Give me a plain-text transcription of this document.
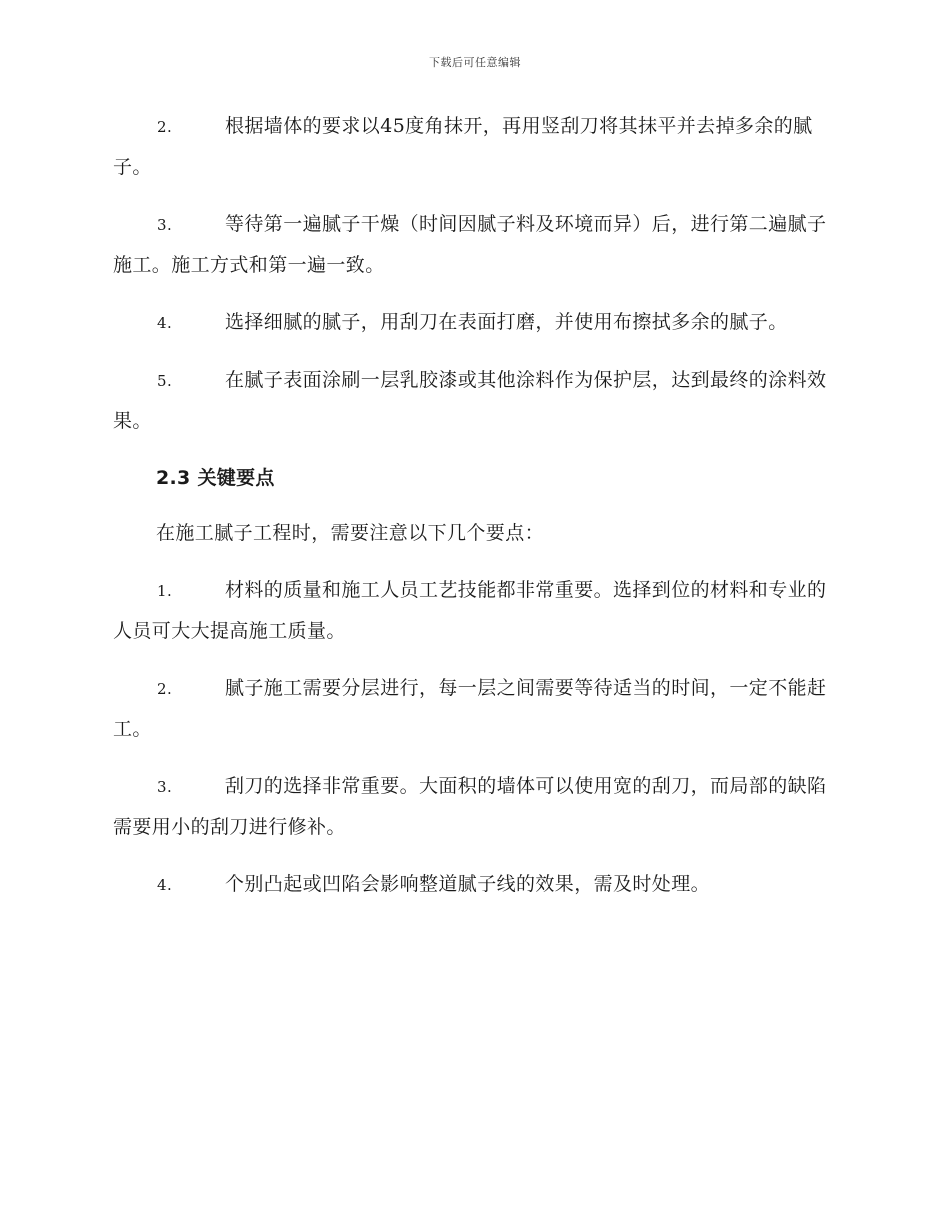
下载后可任意编辑

2.	根据墙体的要求以45度角抹开，再用竖刮刀将其抹平并去掉多余的腻子。

3.	等待第一遍腻子干燥（时间因腻子料及环境而异）后，进行第二遍腻子施工。施工方式和第一遍一致。

4.	选择细腻的腻子，用刮刀在表面打磨，并使用布擦拭多余的腻子。

5.	在腻子表面涂刷一层乳胶漆或其他涂料作为保护层，达到最终的涂料效果。

2.3 关键要点

在施工腻子工程时，需要注意以下几个要点：

1.	材料的质量和施工人员工艺技能都非常重要。选择到位的材料和专业的人员可大大提高施工质量。

2.	腻子施工需要分层进行，每一层之间需要等待适当的时间，一定不能赶工。

3.	刮刀的选择非常重要。大面积的墙体可以使用宽的刮刀，而局部的缺陷需要用小的刮刀进行修补。

4.	个别凸起或凹陷会影响整道腻子线的效果，需及时处理。
